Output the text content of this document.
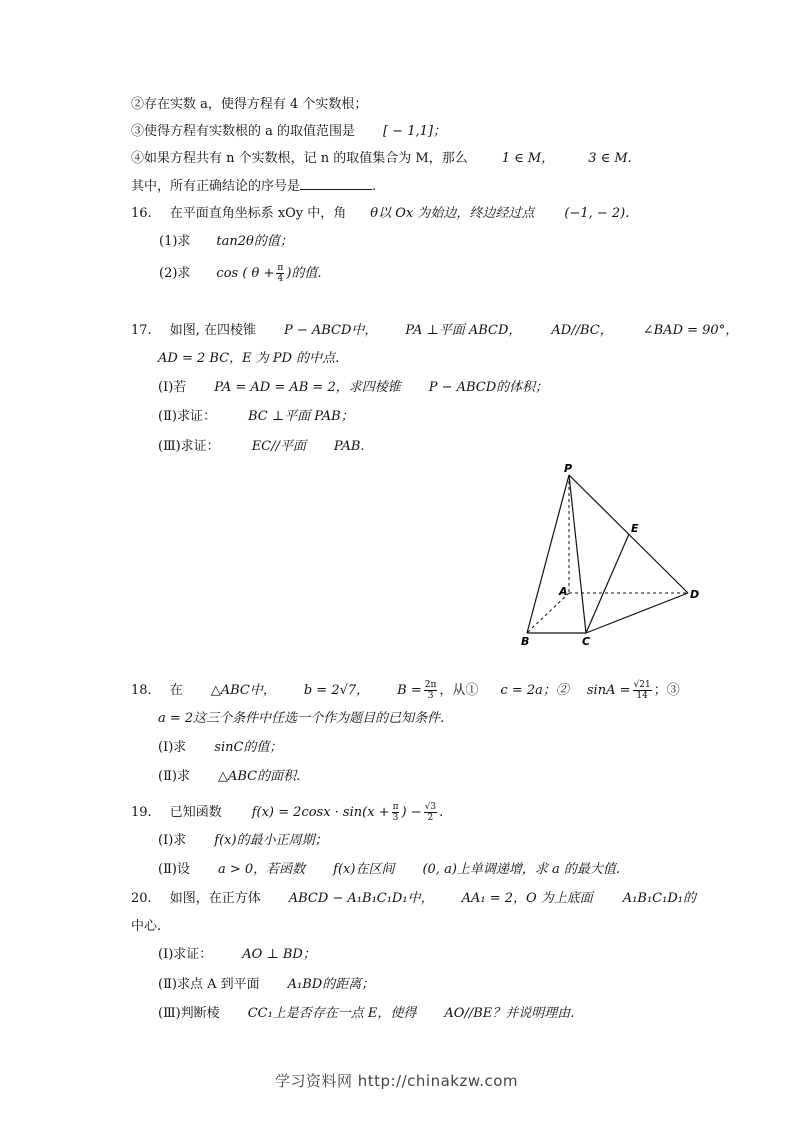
②存在实数 a，使得方程有 4 个实数根；
③使得方程有实数根的 a 的取值范围是 [ − 1,1]；
④如果方程共有 n 个实数根，记 n 的取值集合为 M，那么	1 ∈ M，	3 ∈ M.
其中，所有正确结论的序号是	.
16. 在平面直角坐标系 xOy 中，角 θ以 Ox 为始边，终边经过点 (−1, − 2).
(1)求 tan2θ的值；
(2)求 cos ( $\theta + \frac{\pi}{4}$ )的值.
17. 如图, 在四棱锥 P − ABCD中， PA ⊥平面 ABCD， AD//BC， ∠BAD = 90°，
AD = 2 BC，E 为 PD 的中点.
(Ⅰ)若 PA = AD = AB = 2，求四棱锥 P − ABCD的体积；
(Ⅱ)求证： BC ⊥平面 PAB；
(Ⅲ)求证： EC//平面 PAB.
P
E
A	D
B	C
18. 在 △ABC中， b = 2√7， $B = \frac{2\pi}{3}$ ，从① c = 2a；② $\sin A = \frac{√21}{14}$ ；③
a = 2这三个条件中任选一个作为题目的已知条件.
(Ⅰ)求 sinC的值；
(Ⅱ)求 △ABC的面积.
19. 已知函数 $f(x) = 2\cos x \cdot \sin(x + \frac{\pi}{3}$ ) − $\frac{√3}{2}$ .
(Ⅰ)求 f(x)的最小正周期；
(Ⅱ)设 a > 0，若函数 f(x)在区间 (0, a)上单调递增，求 a 的最大值.
20. 如图，在正方体 ABCD − A₁B₁C₁D₁中， AA₁ = 2，O 为上底面 A₁B₁C₁D₁的
中心.
(Ⅰ)求证： AO ⊥ BD；
(Ⅱ)求点 A 到平面 A₁BD的距离；
(Ⅲ)判断棱 CC₁上是否存在一点 E，使得 AO//BE？并说明理由.
学习资料网 http://chinakzw.com
